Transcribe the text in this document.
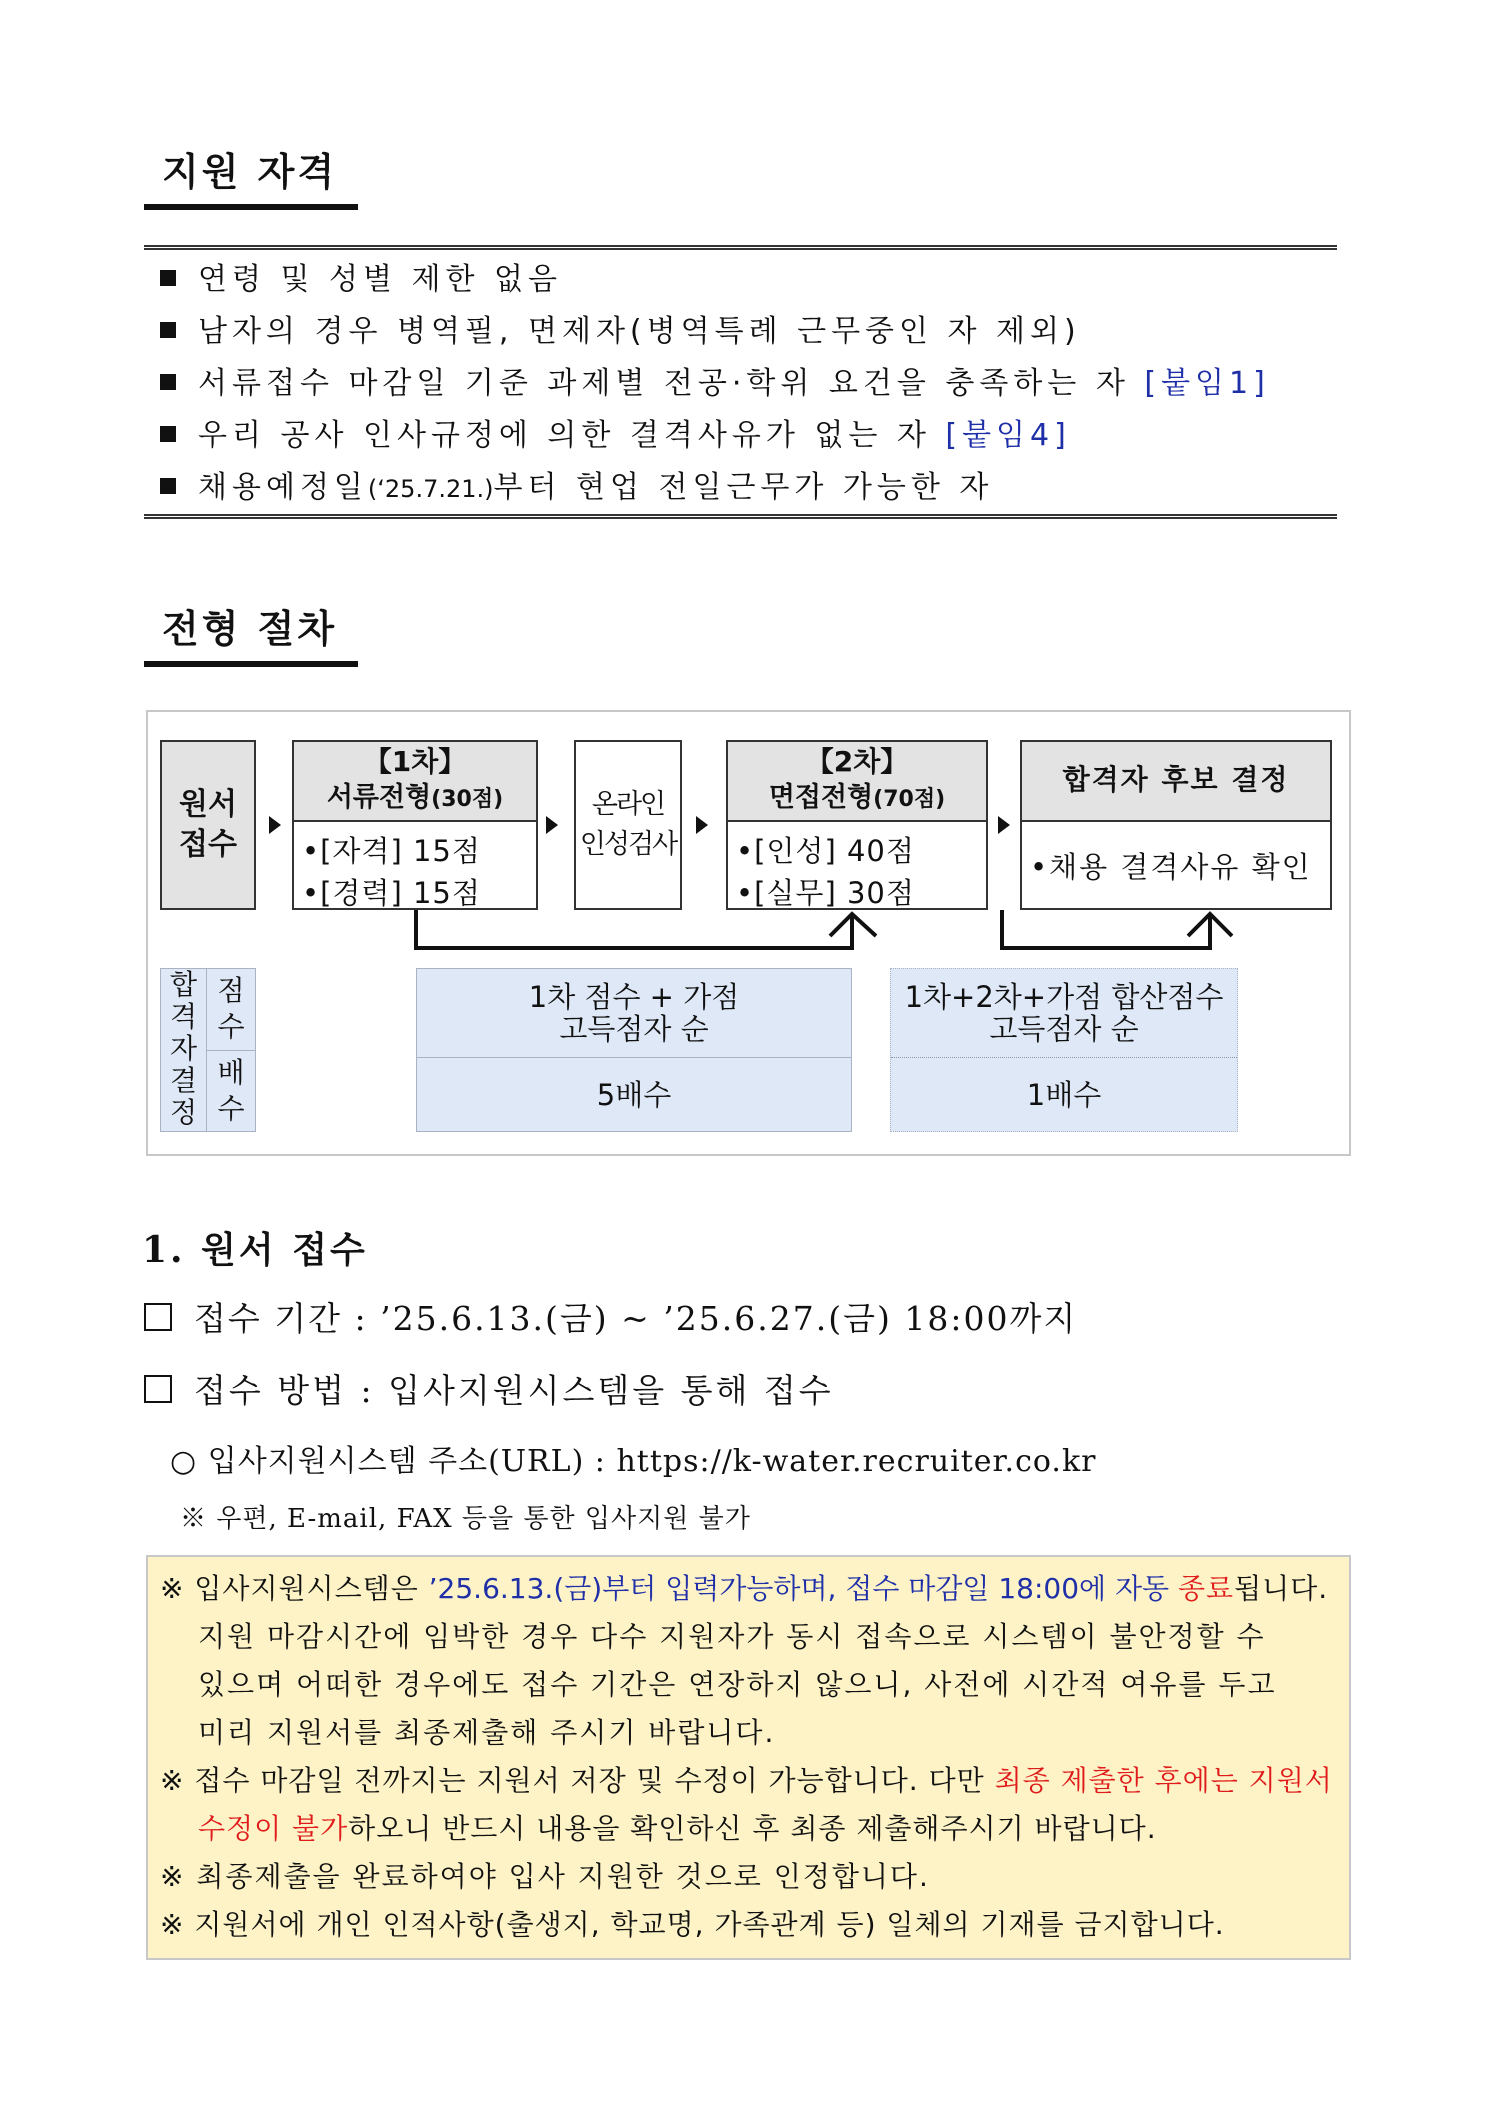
지원 자격
연령 및 성별 제한 없음
남자의 경우 병역필, 면제자(병역특례 근무중인 자 제외)
서류접수 마감일 기준 과제별 전공·학위 요건을 충족하는 자 [붙임1]
우리 공사 인사규정에 의한 결격사유가 없는 자 [붙임4]
채용예정일(‘25.7.21.)부터 현업 전일근무가 가능한 자
전형 절차
원서
접수
【1차】
서류전형(30점)
•[자격] 15점
•[경력] 15점
온라인
인성검사
【2차】
면접전형(70점)
•[인성] 40점
•[실무] 30점
합격자 후보 결정
•채용 결격사유 확인
합
격
자
결
정
점
수
배
수
1차 점수 + 가점
고득점자 순
5배수
1차+2차+가점 합산점수
고득점자 순
1배수
1. 원서 접수
접수 기간 : ’25.6.13.(금) ~ ’25.6.27.(금) 18:00까지
접수 방법 : 입사지원시스템을 통해 접수
○ 입사지원시스템 주소(URL) : https://k-water.recruiter.co.kr
※ 우편, E-mail, FAX 등을 통한 입사지원 불가
※ 입사지원시스템은 ’25.6.13.(금)부터 입력가능하며, 접수 마감일 18:00에 자동 종료됩니다.
지원 마감시간에 임박한 경우 다수 지원자가 동시 접속으로 시스템이 불안정할 수
있으며 어떠한 경우에도 접수 기간은 연장하지 않으니, 사전에 시간적 여유를 두고
미리 지원서를 최종제출해 주시기 바랍니다.
※ 접수 마감일 전까지는 지원서 저장 및 수정이 가능합니다. 다만 최종 제출한 후에는 지원서
수정이 불가하오니 반드시 내용을 확인하신 후 최종 제출해주시기 바랍니다.
※ 최종제출을 완료하여야 입사 지원한 것으로 인정합니다.
※ 지원서에 개인 인적사항(출생지, 학교명, 가족관계 등) 일체의 기재를 금지합니다.
